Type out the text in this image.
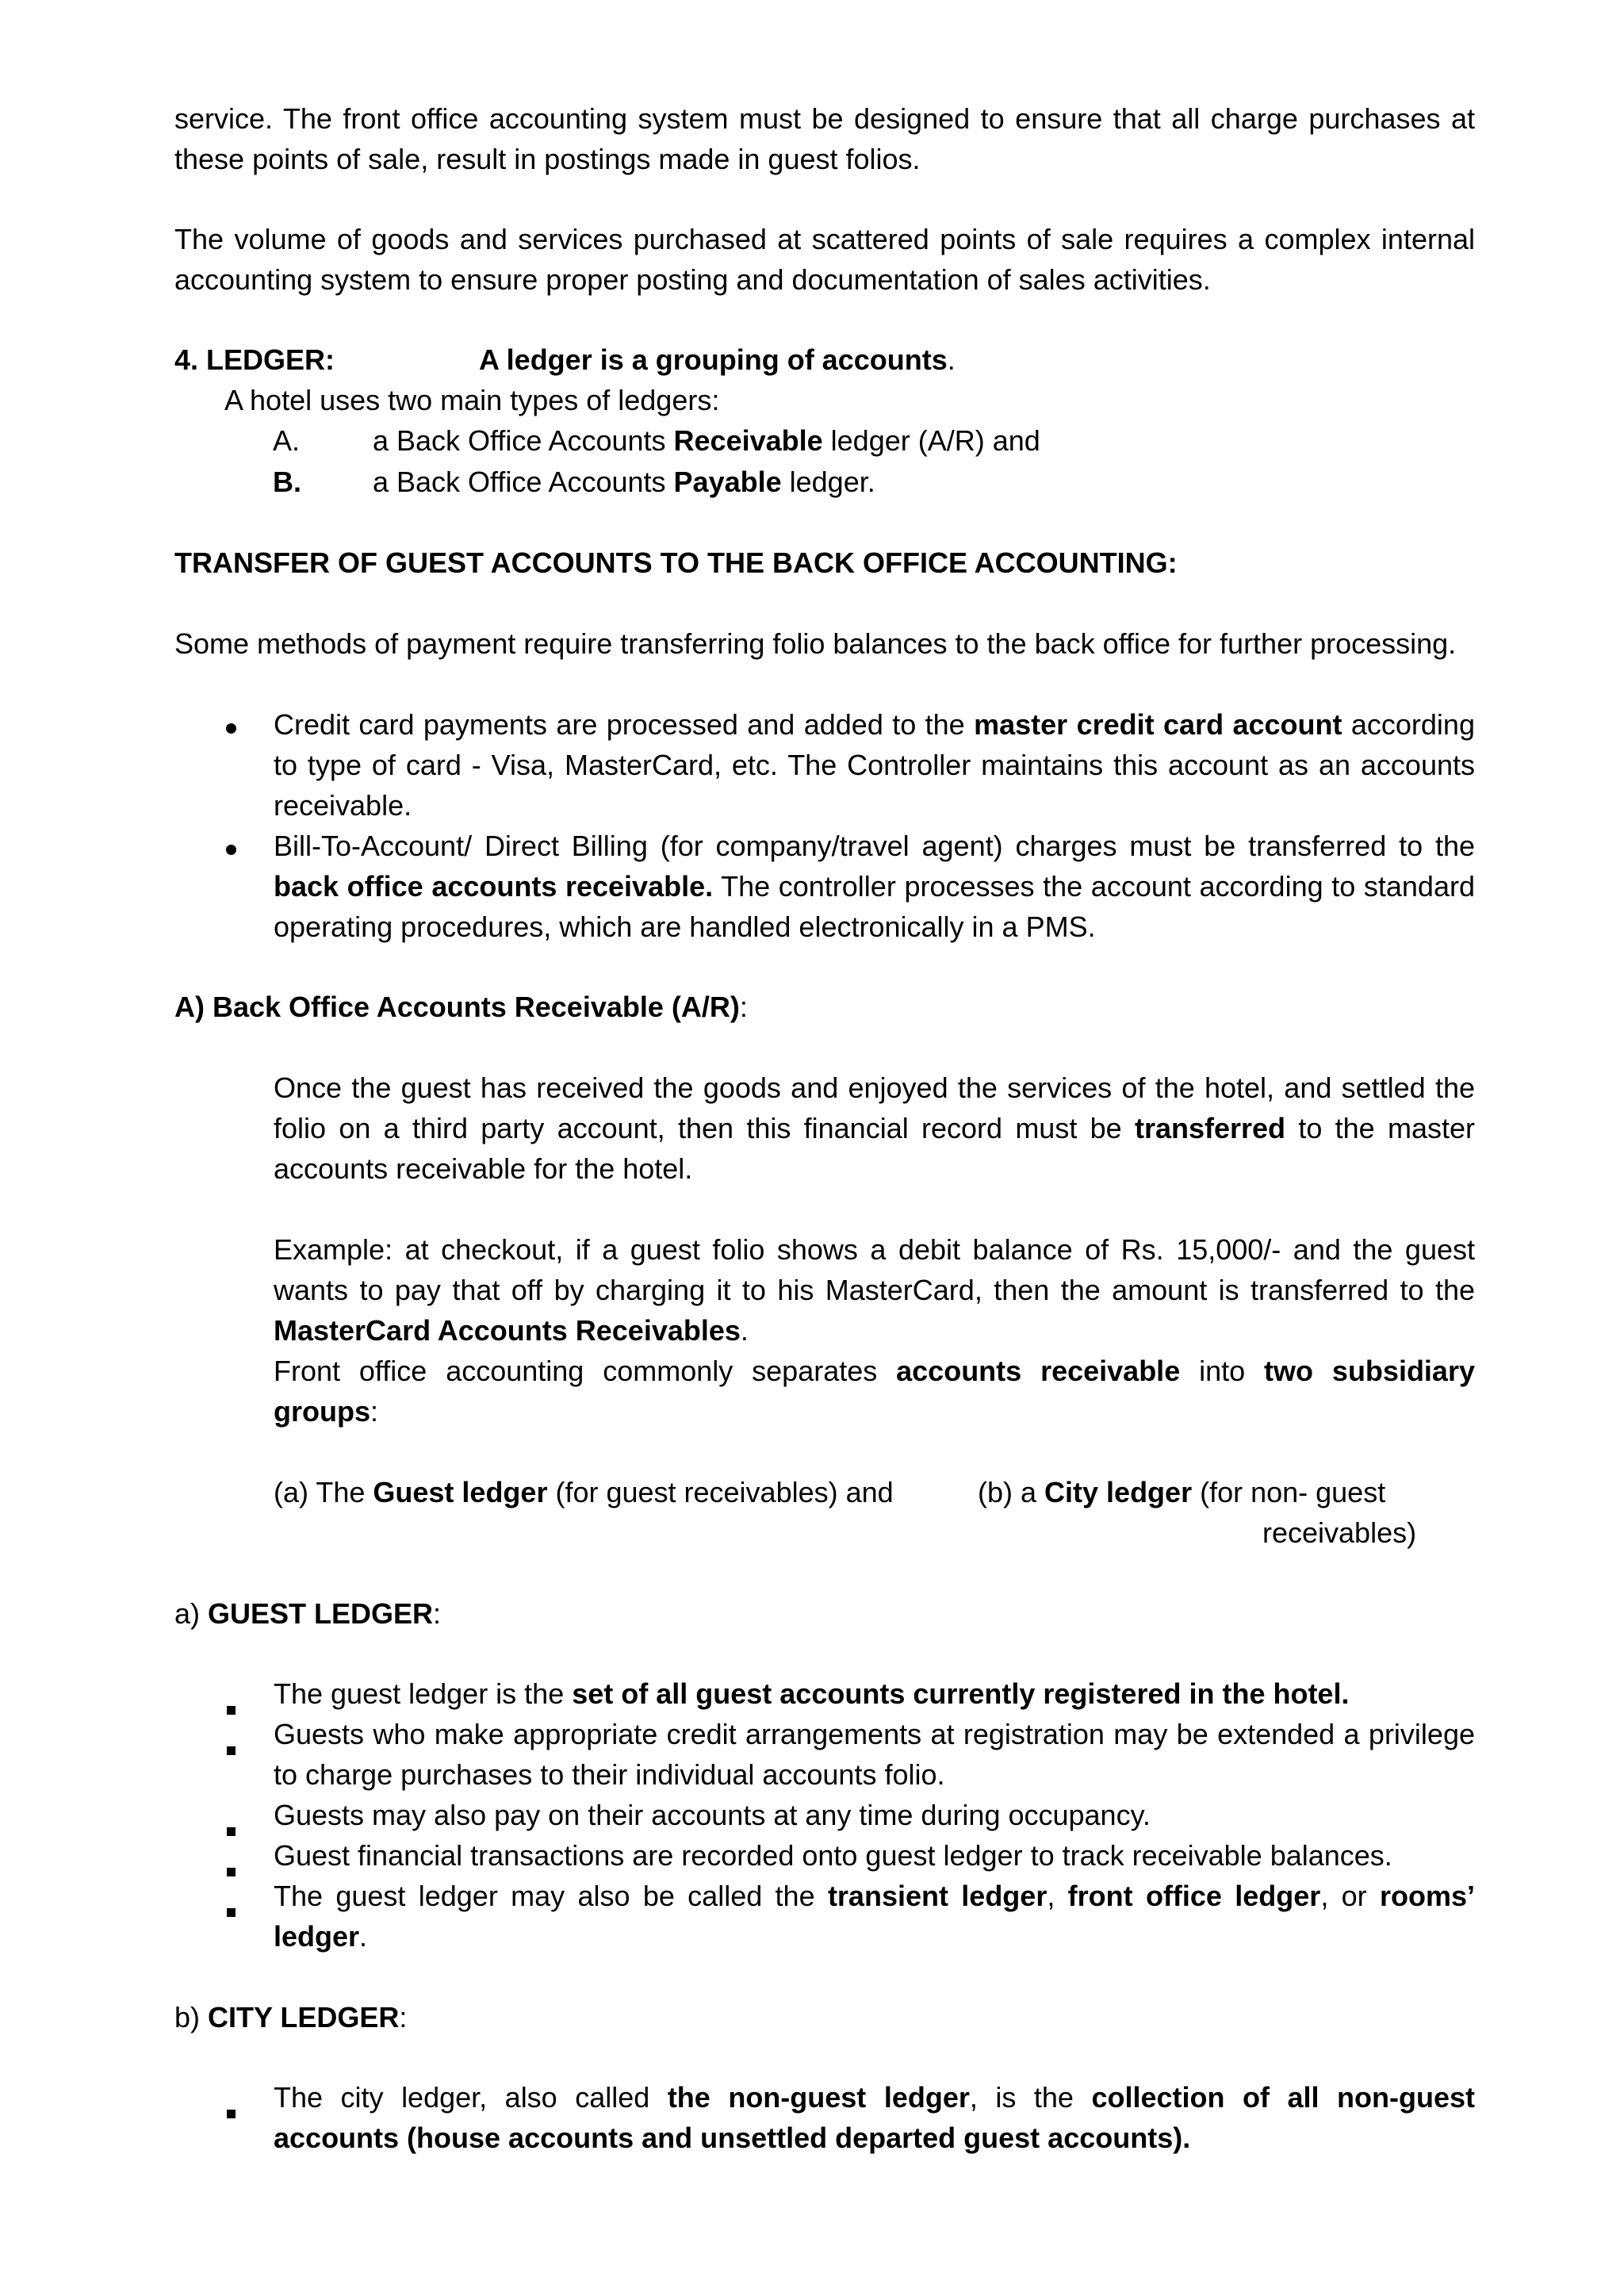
service. The front office accounting system must be designed to ensure that all charge purchases at these points of sale, result in postings made in guest folios.

The volume of goods and services purchased at scattered points of sale requires a complex internal accounting system to ensure proper posting and documentation of sales activities.

4. LEDGER:	A ledger is a grouping of accounts.
A hotel uses two main types of ledgers:
A.	a Back Office Accounts Receivable ledger (A/R) and
B.	a Back Office Accounts Payable ledger.
TRANSFER OF GUEST ACCOUNTS TO THE BACK OFFICE ACCOUNTING:

Some methods of payment require transferring folio balances to the back office for further processing.

Credit card payments are processed and added to the master credit card account according to type of card - Visa, MasterCard, etc. The Controller maintains this account as an accounts receivable.

Bill-To-Account/ Direct Billing (for company/travel agent) charges must be transferred to the back office accounts receivable. The controller processes the account according to standard operating procedures, which are handled electronically in a PMS.

A) Back Office Accounts Receivable (A/R):

Once the guest has received the goods and enjoyed the services of the hotel, and settled the folio on a third party account, then this financial record must be transferred to the master accounts receivable for the hotel.

Example: at checkout, if a guest folio shows a debit balance of Rs. 15,000/- and the guest wants to pay that off by charging it to his MasterCard, then the amount is transferred to the MasterCard Accounts Receivables.

Front office accounting commonly separates accounts receivable into two subsidiary groups:

(a) The Guest ledger (for guest receivables) and	(b) a City ledger (for non- guest
receivables)
a) GUEST LEDGER:

The guest ledger is the set of all guest accounts currently registered in the hotel.

Guests who make appropriate credit arrangements at registration may be extended a privilege to charge purchases to their individual accounts folio.

Guests may also pay on their accounts at any time during occupancy.

Guest financial transactions are recorded onto guest ledger to track receivable balances.

The guest ledger may also be called the transient ledger, front office ledger, or rooms’ ledger.

b) CITY LEDGER:

The city ledger, also called the non-guest ledger, is the collection of all non-guest accounts (house accounts and unsettled departed guest accounts).
